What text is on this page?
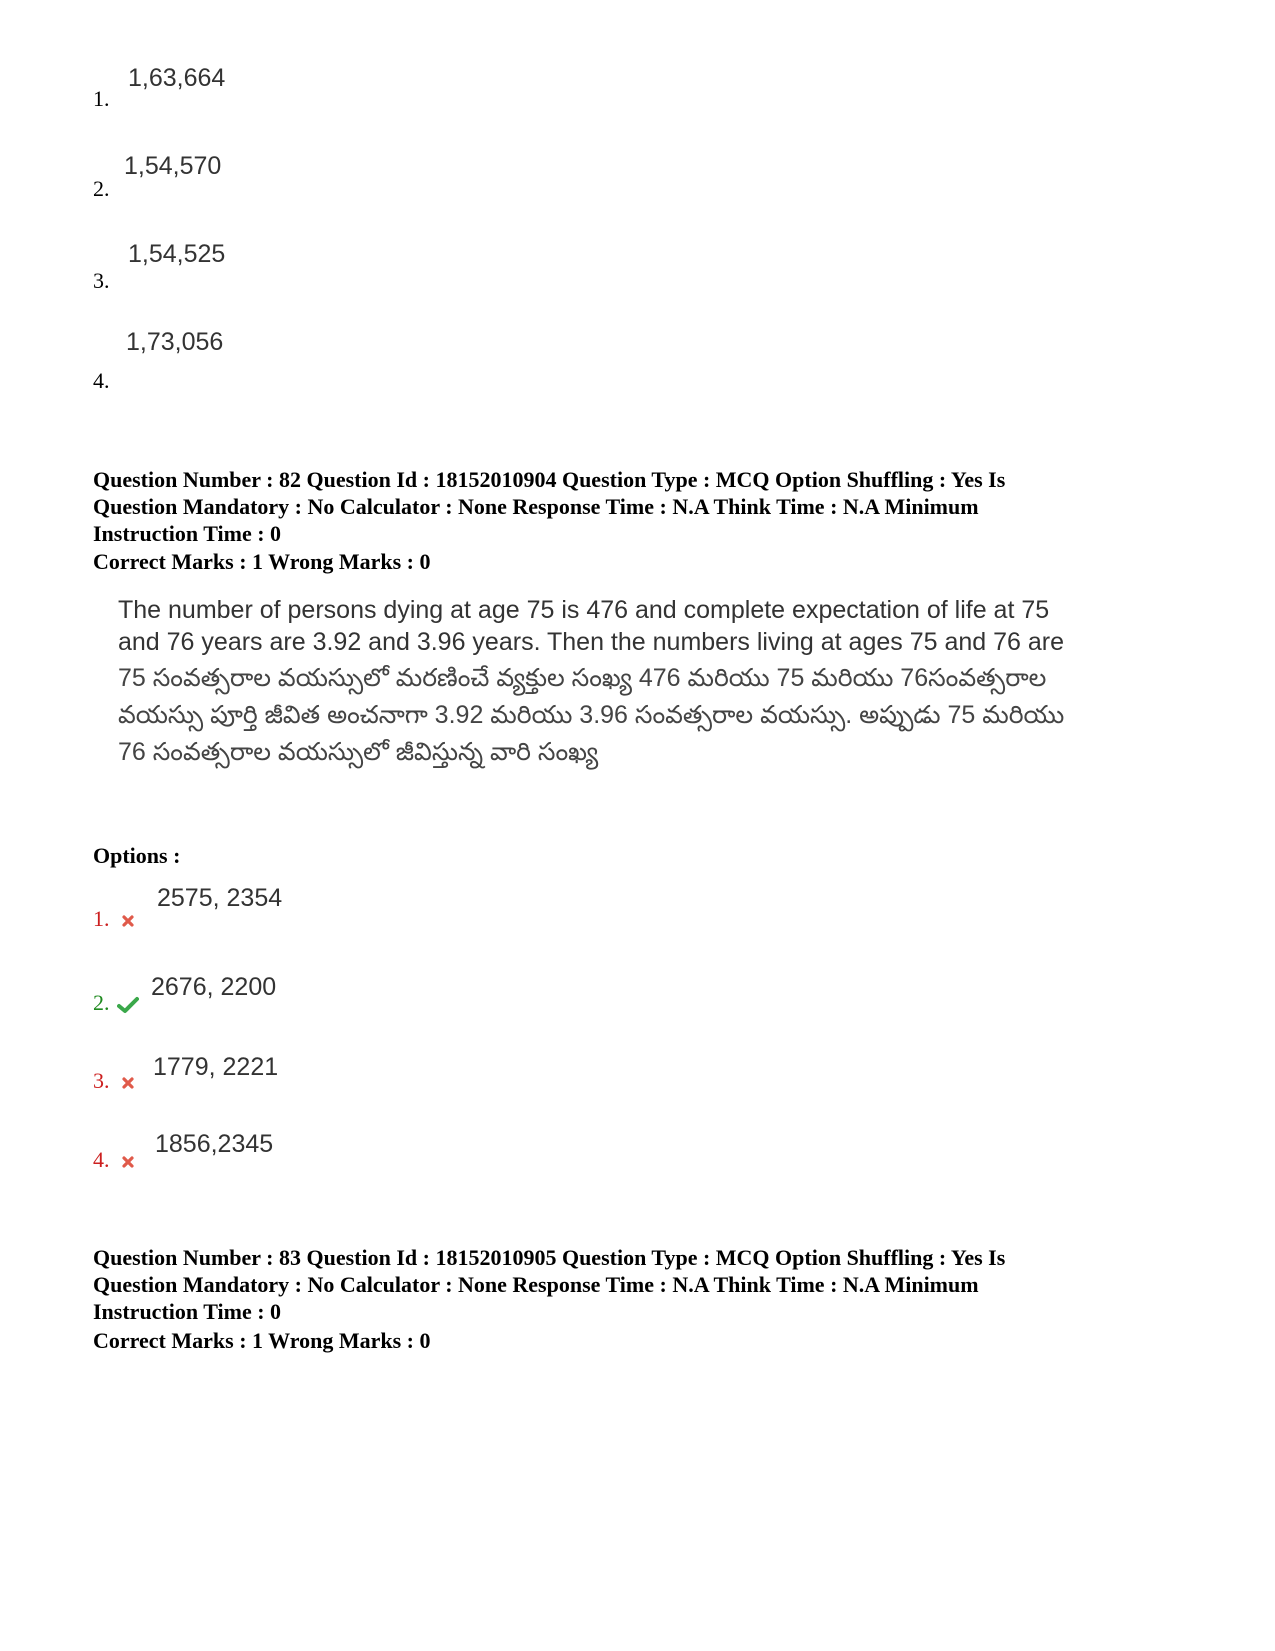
1,63,664
1.
1,54,570
2.
1,54,525
3.
1,73,056
4.
Question Number : 82 Question Id : 18152010904 Question Type : MCQ Option Shuffling : Yes Is
Question Mandatory : No Calculator : None Response Time : N.A Think Time : N.A Minimum
Instruction Time : 0
Correct Marks : 1 Wrong Marks : 0
The number of persons dying at age 75 is 476 and complete expectation of life at 75 and 76 years are 3.92 and 3.96 years. Then the numbers living at ages 75 and 76 are
75 సంవత్సరాల వయస్సులో మరణించే వ్యక్తుల సంఖ్య 476 మరియు 75 మరియు 76సంవత్సరాల వయస్సు పూర్తి జీవిత అంచనాగా 3.92 మరియు 3.96 సంవత్సరాల వయస్సు. అప్పుడు 75 మరియు 76 సంవత్సరాల వయస్సులో జీవిస్తున్న వారి సంఖ్య
Options :
2575, 2354
1.
2676, 2200
2.
1779, 2221
3.
1856,2345
4.
Question Number : 83 Question Id : 18152010905 Question Type : MCQ Option Shuffling : Yes Is
Question Mandatory : No Calculator : None Response Time : N.A Think Time : N.A Minimum
Instruction Time : 0
Correct Marks : 1 Wrong Marks : 0
